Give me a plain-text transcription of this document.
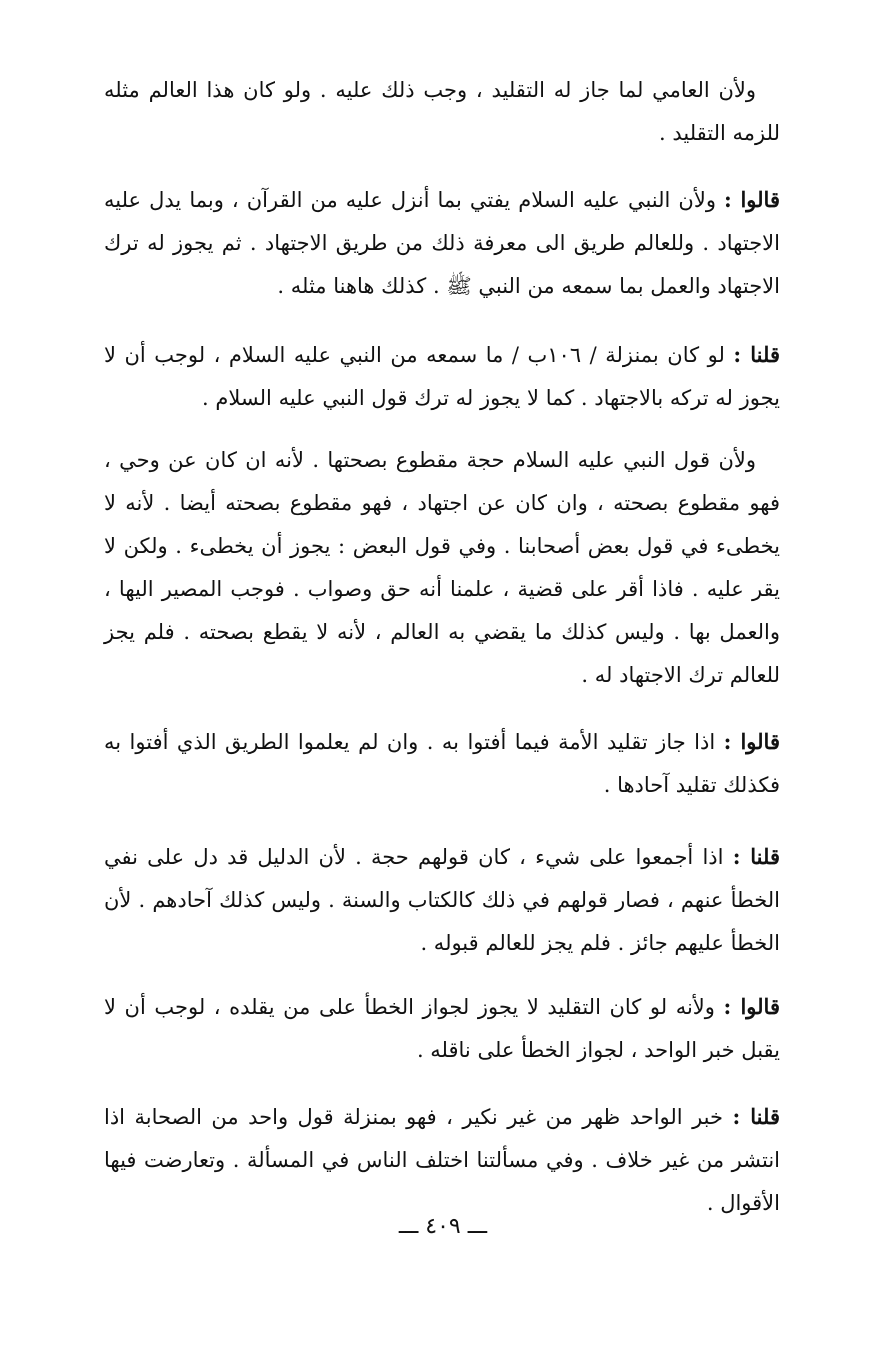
ولأن العامي لما جاز له التقليد ، وجب ذلك عليه . ولو كان هذا العالم مثله للزمه التقليد .

قالوا : ولأن النبي عليه السلام يفتي بما أنزل عليه من القرآن ، وبما يدل عليه الاجتهاد . وللعالم طريق الى معرفة ذلك من طريق الاجتهاد . ثم يجوز له ترك الاجتهاد والعمل بما سمعه من النبي ﷺ . كذلك هاهنا مثله .

قلنا : لو كان بمنزلة / ١٠٦ب / ما سمعه من النبي عليه السلام ، لوجب أن لا يجوز له تركه بالاجتهاد . كما لا يجوز له ترك قول النبي عليه السلام .

ولأن قول النبي عليه السلام حجة مقطوع بصحتها . لأنه ان كان عن وحي ، فهو مقطوع بصحته ، وان كان عن اجتهاد ، فهو مقطوع بصحته أيضا . لأنه لا يخطىء في قول بعض أصحابنا . وفي قول البعض : يجوز أن يخطىء . ولكن لا يقر عليه . فاذا أقر على قضية ، علمنا أنه حق وصواب . فوجب المصير اليها ، والعمل بها . وليس كذلك ما يقضي به العالم ، لأنه لا يقطع بصحته . فلم يجز للعالم ترك الاجتهاد له .

قالوا : اذا جاز تقليد الأمة فيما أفتوا به . وان لم يعلموا الطريق الذي أفتوا به فكذلك تقليد آحادها .

قلنا : اذا أجمعوا على شيء ، كان قولهم حجة . لأن الدليل قد دل على نفي الخطأ عنهم ، فصار قولهم في ذلك كالكتاب والسنة . وليس كذلك آحادهم . لأن الخطأ عليهم جائز . فلم يجز للعالم قبوله .

قالوا : ولأنه لو كان التقليد لا يجوز لجواز الخطأ على من يقلده ، لوجب أن لا يقبل خبر الواحد ، لجواز الخطأ على ناقله .

قلنا : خبر الواحد ظهر من غير نكير ، فهو بمنزلة قول واحد من الصحابة اذا انتشر من غير خلاف . وفي مسألتنا اختلف الناس في المسألة . وتعارضت فيها الأقوال .

ـــ ٤٠٩ ـــ
